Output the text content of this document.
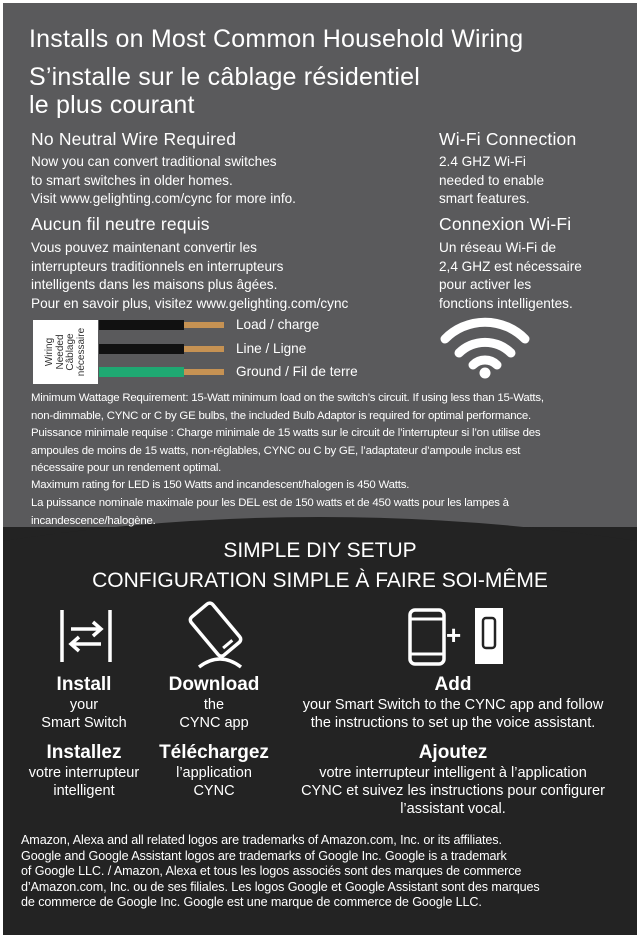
Installs on Most Common Household Wiring
S’installe sur le câblage résidentiel
le plus courant
No Neutral Wire Required
Now you can convert traditional switches
to smart switches in older homes.
Visit www.gelighting.com/cync for more info.
Aucun fil neutre requis
Vous pouvez maintenant convertir les
interrupteurs traditionnels en interrupteurs
intelligents dans les maisons plus âgées.
Pour en savoir plus, visitez www.gelighting.com/cync
Wi-Fi Connection
2.4 GHZ Wi-Fi
needed to enable
smart features.
Connexion Wi-Fi
Un réseau Wi-Fi de
2,4 GHZ est nécessaire
pour activer les
fonctions intelligentes.
Wiring
Needed
Câblage
nécessaire
Load / charge
Line / Ligne
Ground / Fil de terre
Minimum Wattage Requirement: 15-Watt minimum load on the switch’s circuit. If using less than 15-Watts,
non-dimmable, CYNC or C by GE bulbs, the included Bulb Adaptor is required for optimal performance.
Puissance minimale requise : Charge minimale de 15 watts sur le circuit de l’interrupteur si l’on utilise des
ampoules de moins de 15 watts, non-réglables, CYNC ou C by GE, l’adaptateur d’ampoule inclus est
nécessaire pour un rendement optimal.
Maximum rating for LED is 150 Watts and incandescent/halogen is 450 Watts.
La puissance nominale maximale pour les DEL est de 150 watts et de 450 watts pour les lampes à
incandescence/halogène.
SIMPLE DIY SETUP
CONFIGURATION SIMPLE À FAIRE SOI-MÊME
+
Install
your
Smart Switch
Download
the
CYNC app
Add
your Smart Switch to the CYNC app and follow
the instructions to set up the voice assistant.
Installez
votre interrupteur
intelligent
Téléchargez
l’application
CYNC
Ajoutez
votre interrupteur intelligent à l’application
CYNC et suivez les instructions pour configurer
l’assistant vocal.
Amazon, Alexa and all related logos are trademarks of Amazon.com, Inc. or its affiliates.
Google and Google Assistant logos are trademarks of Google Inc. Google is a trademark
of Google LLC. / Amazon, Alexa et tous les logos associés sont des marques de commerce
d’Amazon.com, Inc. ou de ses filiales. Les logos Google et Google Assistant sont des marques
de commerce de Google Inc. Google est une marque de commerce de Google LLC.
